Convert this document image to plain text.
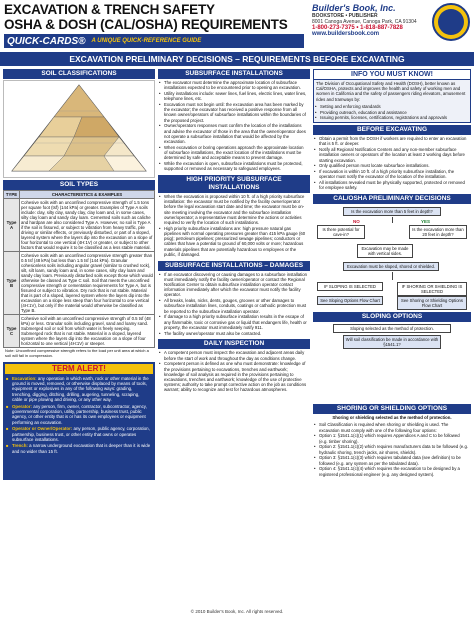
EXCAVATION & TRENCH SAFETY
OSHA & DOSH (CAL/OSHA) REQUIREMENTS
QUICK-CARDS® A UNIQUE QUICK-REFERENCE GUIDE
Builder's Book, Inc.
BOOKSTORE • PUBLISHER
8001 Canoga Avenue, Canoga Park, CA 91304
1-800-273-7375 • 1-818-887-7828
www.buildersbook.com
EXCAVATION PRELIMINARY DECISIONS – REQUIREMENTS BEFORE EXCAVATING
SOIL CLASSIFICATIONS
SOIL TYPES
TYPE	CHARACTERISTICS & EXAMPLES
Type A	Cohesive soils with an unconfined compressive strength of 1.5 tons per square foot (tsf) (144 kPa) or greater. Examples of Type A soils include: clay, silty clay, sandy clay, clay loam and, in some cases, silty clay loam and sandy clay loam. Cemented soils such as caliche and hardpan are also considered Type A. However, no soil is Type A if the soil is fissured, or subject to vibration from heavy traffic, pile driving or similar effects, or previously disturbed, or part of a sloped, layered system where the layers dip into the excavation on a slope of four horizontal to one vertical (4H:1V) or greater, or subject to other factors that would require it to be classified as a less stable material.
Type B	Cohesive soils with an unconfined compressive strength greater than 0.5 tsf (48 kPa) but less than 1.5 tsf (144 kPa). Granular cohesionless soils including angular gravel (similar to crushed rock), silt, silt loam, sandy loam and, in some cases, silty clay loam and sandy clay loam. Previously disturbed soils except those which would otherwise be classed as Type C soil. Soil that meets the unconfined compressive strength or cementation requirements for Type A, but is fissured or subject to vibration. Dry rock that is not stable. Material that is part of a sloped, layered system where the layers dip into the excavation on a slope less steep than four horizontal to one vertical (4H:1V), but only if the material would otherwise be classified as Type B.
Type C	Cohesive soil with an unconfined compressive strength of 0.5 tsf (48 kPa) or less. Granular soils including gravel, sand and loamy sand. Submerged soil or soil from which water is freely seeping. Submerged rock that is not stable. Material in a sloped, layered system where the layers dip into the excavation on a slope of four horizontal to one vertical (4H:1V) or steeper.
Note: Unconfined compressive strength refers to the load per unit area at which a soil will fail in compression.
TERM ALERT!
■ Excavation: any operation in which earth, rock or other material in the ground is moved, removed, or otherwise displaced by means of tools, equipment or explosives in any of the following ways: grading, trenching, digging, ditching, drilling, augering, tunneling, scraping, cable or pipe plowing and driving, or any other way.
■ Operator: any person, firm, owner, contractor, subcontractor, agency, governmental corporation, utility, partnership, business trust, public agency, or other entity that is or has its own employees or equipment performing an excavation.
■ Operator or Owner/Operator: any person, public agency, corporation, partnership, business trust, or other entity that owns or operates subsurface installations.
■ Trench: a narrow underground excavation that is deeper than it is wide and no wider than 15 ft.
SUBSURFACE INSTALLATIONS
• The excavator must determine the approximate location of subsurface installations expected to be encountered prior to opening an excavation.
• Utility installations include: sewer lines, fuel lines, electric lines, water lines, telephone lines, etc.
• Excavation must not begin until: the excavation area has been marked by the excavator; the excavator has received a positive response from all known owner/operators of subsurface installations within the boundaries of the proposed project.
• Owner/operators responses must confirm the location of the installations and advise the excavator of those in the area that the owner/operator does not operate a subsurface installation that would be affected by the excavation.
• When excavation or boring operations approach the approximate location of subsurface installations, the exact location of the installations must be determined by safe and acceptable means to prevent damage.
• While the excavation is open, subsurface installations must be protected, supported or removed as necessary to safeguard employees.
HIGH PRIORITY SUBSURFACE INSTALLATIONS
• When the excavation is proposed within 10 ft. of a high priority subsurface installation: the excavator must be notified by the facility owner/operator before the legal excavation start date and time; the excavator must be on-site meeting involving the excavator and the subsurface installation owner/operator; a representative must determine the actions or activities required to verify the location of such installations.
• High priority subsurface installations are: high pressure natural gas pipelines with normal operating pressures greater than 415 kPa gauge (60 psig); petroleum pipelines; pressurized sewage pipelines; conductors or cables that have a potential to ground of 60,000 volts or more; hazardous materials pipelines that are potentially hazardous to employees or the public, if damaged.
SUBSURFACE INSTALLATIONS – DAMAGES
• If an excavator discovering or causing damages to a subsurface installation must immediately notify the facility owner/operator or contact the Regional Notification Center to obtain subsurface installation operator contact information immediately after which the excavator must notify the facility operator.
• All breaks, leaks, nicks, dents, gouges, grooves or other damages to subsurface installation lines, conduits, coatings or cathodic protection must be reported to the subsurface installation operator.
• If damage to a high priority subsurface installation results in the escape of any flammable, toxic or corrosive gas or liquid that endangers life, health or property, the excavator must immediately notify 911.
• The facility owner/operator must also be contacted.
DAILY INSPECTION
• A competent person must inspect the excavation and adjacent areas daily before the start of work and throughout the day as conditions change.
• Competent person is defined as one who must demonstrate: knowledge of the provisions pertaining to excavations, trenches and earthwork; knowledge of soil analysis as required in the provisions pertaining to excavations, trenches and earthwork; knowledge of the use of protective systems; authority to take prompt corrective action on the job as conditions warrant; ability to recognize and test for hazardous atmospheres.
INFO YOU MUST KNOW!
The Division of Occupational Safety and Health (DOSH), better known as Cal/OSHA, protects and improves the health and safety of working men and women in California and the safety of passengers riding elevators, amusement rides and tramways by:
• Setting and enforcing standards
• Providing outreach, education and assistance
• Issuing permits, licenses, certifications, registrations and approvals
BEFORE EXCAVATING
• Obtain a permit from the DOSH if workers are required to enter an excavation that is 5 ft. or deeper.
• Notify all Regional Notification Centers and any non-member subsurface installation owners or operators of the location at least 2 working days before starting excavation.
• Only qualified person must locate subsurface installations.
• If excavation is within 10 ft. of a high priority subsurface installation, the operator must notify the excavator of the location of the installation.
• All installations revealed must be physically supported, protected or removed for employee safety.
CAL/OSHA PRELIMINARY DECISIONS
Is the excavation more than 5 feet in depth?
NO	YES
Is there potential for cave-in?
Is the excavation more than 20 feet in depth?
Excavation may be made with vertical sides.
Excavation must be sloped, shored or shielded.
IF SLOPING IS SELECTED	IF SHORING OR SHIELDING IS SELECTED
See Sloping Options Flow Chart	See Shoring or Shielding Options Flow Chart
SLOPING OPTIONS
Sloping selected as the method of protection.
Will soil classification be made in accordance with §1541.1?
SHORING OR SHIELDING OPTIONS
Shoring or shielding selected as the method of protection.
• Soil Classification is required when shoring or shielding is used. The excavation must comply with one of the following four options:
• Option 1: §1541.1(c)(1) which requires Appendices A and C to be followed (e.g. timber shoring).
• Option 2: §1541.1(c)(2) which requires manufacturers data to be followed (e.g. hydraulic shoring, trench jacks, air shores, shields).
• Option 3: §1541.1(c)(3) which requires tabulated data (see definition) to be followed (e.g. any system as per the tabulated data).
• Option 4: §1541.1(c)(4) which requires the excavation to be designed by a registered professional engineer (e.g. any designed system).
© 2010 Builder's Book, Inc. All rights reserved.
